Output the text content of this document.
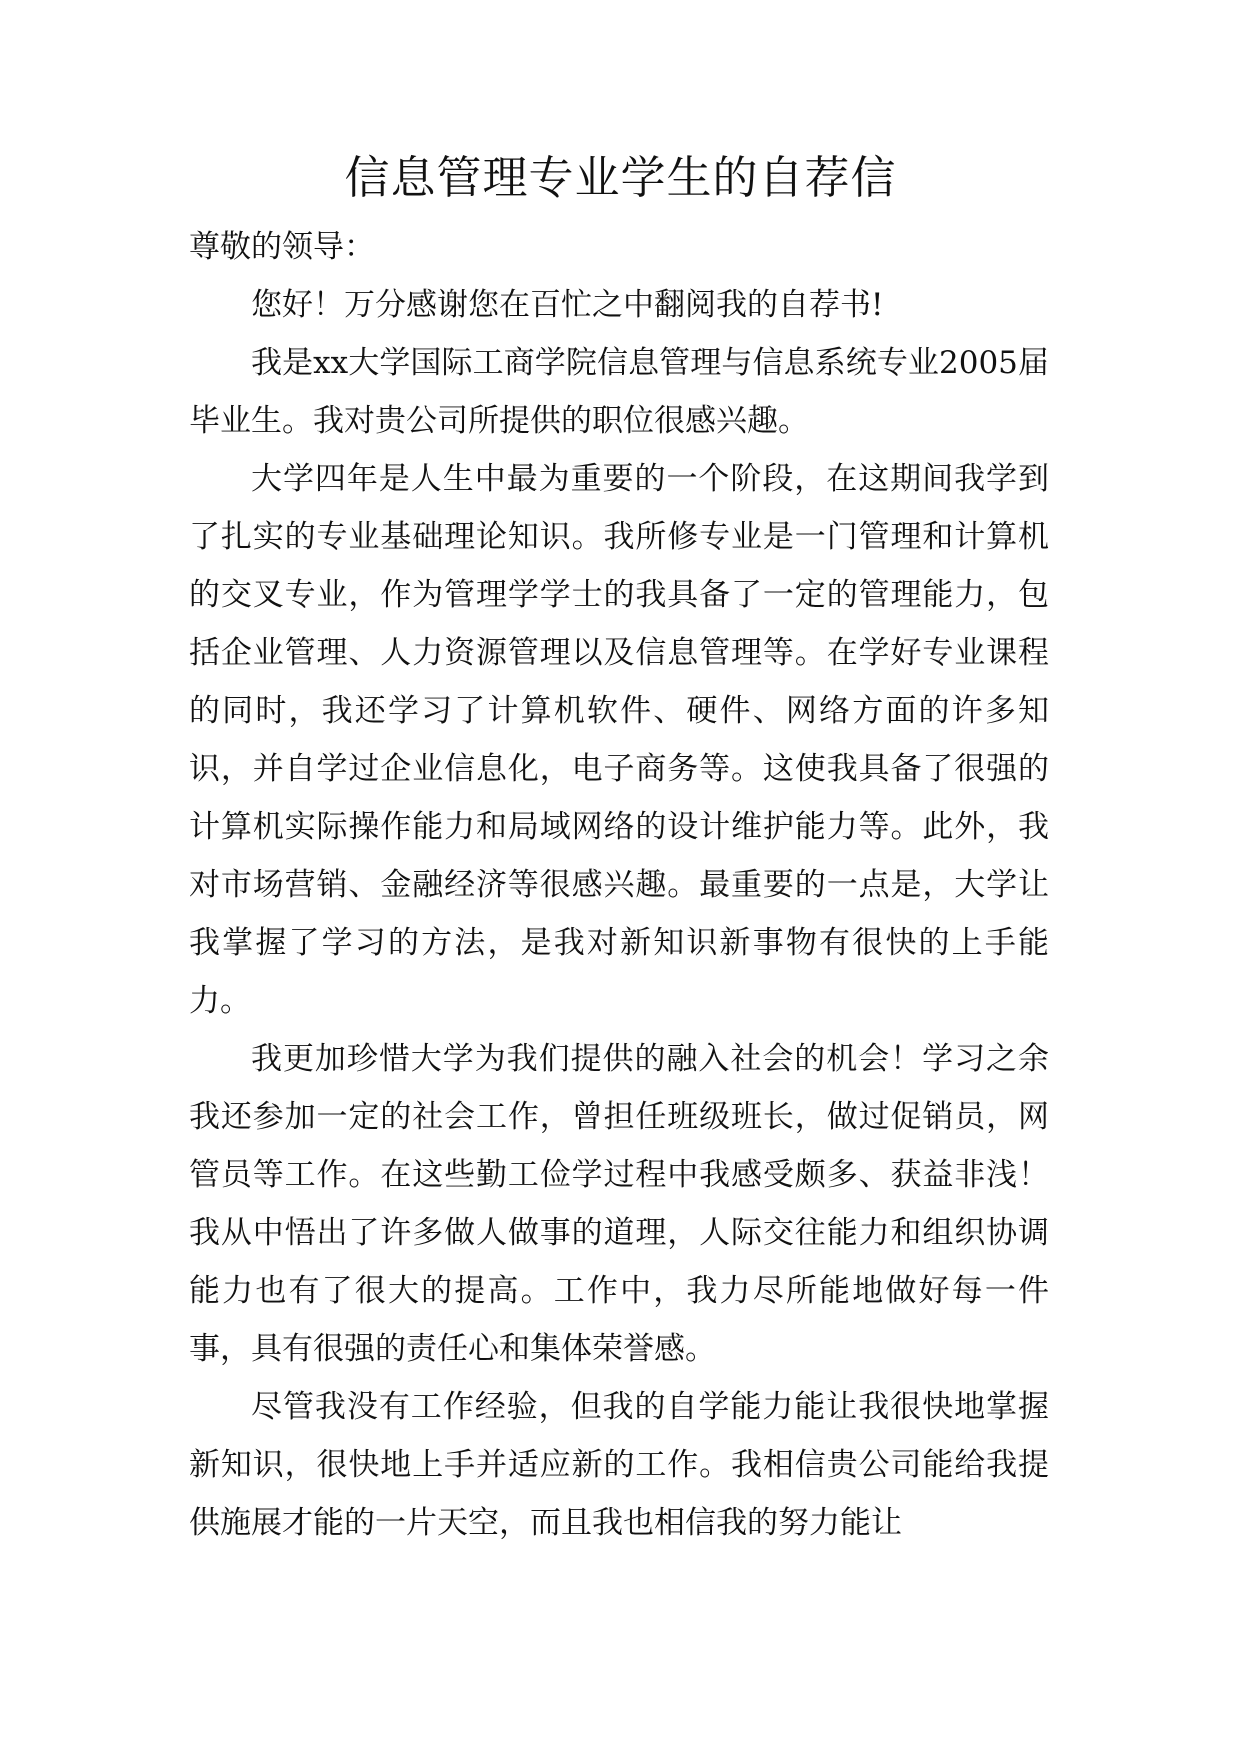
信息管理专业学生的自荐信

尊敬的领导：

您好！万分感谢您在百忙之中翻阅我的自荐书!

我是xx大学国际工商学院信息管理与信息系统专业2005届毕业生。我对贵公司所提供的职位很感兴趣。

大学四年是人生中最为重要的一个阶段，在这期间我学到了扎实的专业基础理论知识。我所修专业是一门管理和计算机的交叉专业，作为管理学学士的我具备了一定的管理能力，包括企业管理、人力资源管理以及信息管理等。在学好专业课程的同时，我还学习了计算机软件、硬件、网络方面的许多知识，并自学过企业信息化，电子商务等。这使我具备了很强的计算机实际操作能力和局域网络的设计维护能力等。此外，我对市场营销、金融经济等很感兴趣。最重要的一点是，大学让我掌握了学习的方法，是我对新知识新事物有很快的上手能力。

我更加珍惜大学为我们提供的融入社会的机会！学习之余我还参加一定的社会工作，曾担任班级班长，做过促销员，网管员等工作。在这些勤工俭学过程中我感受颇多、获益非浅！我从中悟出了许多做人做事的道理，人际交往能力和组织协调能力也有了很大的提高。工作中，我力尽所能地做好每一件事，具有很强的责任心和集体荣誉感。

尽管我没有工作经验，但我的自学能力能让我很快地掌握新知识，很快地上手并适应新的工作。我相信贵公司能给我提供施展才能的一片天空，而且我也相信我的努力能让
